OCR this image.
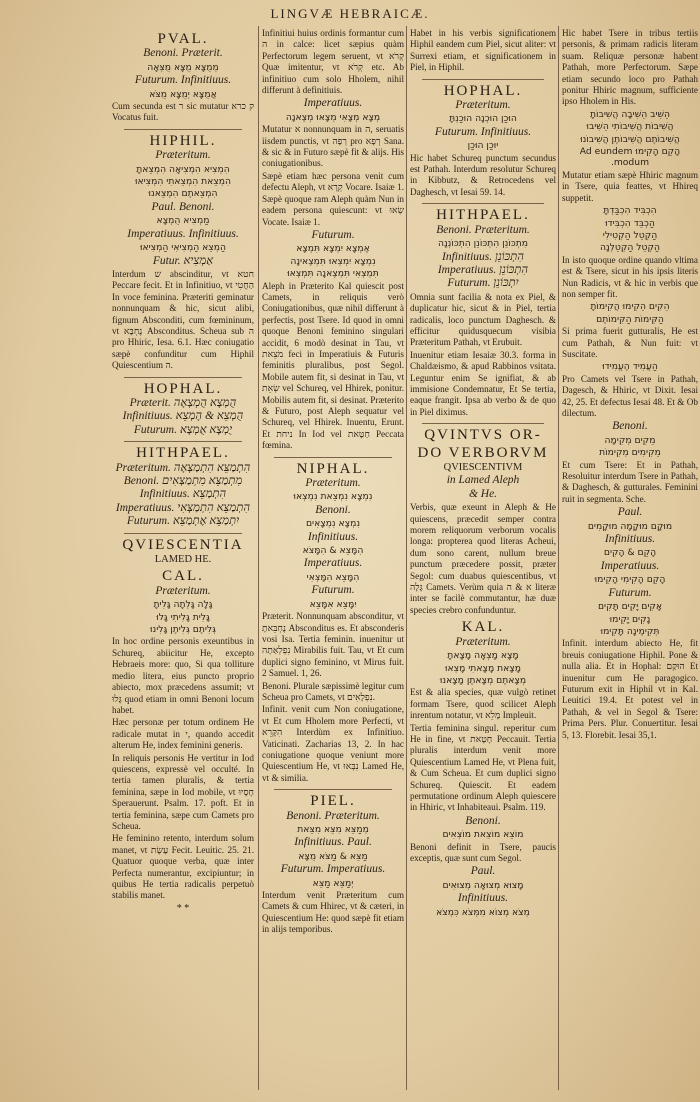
LINGVÆ HEBRAICÆ.
PVAL.
Benoni. Præterit.
מְמֻצָּא מֻצָּא מֻצְּאָה
Futurum. Infinitiuus.
אֲמֻצָּא יְמֻצָּא מֻצֹּא

Cum secunda est ר sic mutatur ק כרא Vocatus fuit.

HIPHIL.
Præteritum.
הִמְצִיא הִמְצִיאָה הִמְצֵאתָ
הִמְצֵאת הִמְצֵאתִי הִמְצִיאוּ
הִמְצֵאתֶם הִמְצֵאנוּ
Paul. Benoni.
מַמְצִיא הֻמְצָא
Imperatiuus. Infinitiuus.
הַמְצֵא הַמְצִיאִי הַמְצִיאוּ
Futur. אַמְצִיא

Interdum ש abscinditur, vt חטא Peccare fecit. Et in Infinitiuo, vt הַחֲטִי In voce feminina. Præteriti geminatur nonnunquam & hic, sicut alibi, fignum Absconditi, cum fœmininum, vt נֶחְבָּא Absconditus. Scheua sub ה pro Hhiric, Iesa. 6.1. Hæc coniugatio sæpè confunditur cum Hiphil Quiescentium ה.

HOPHAL.
Præterit. הֻמְצָא הֻמְצְאָה
Infinitiuus. הֻמְצֵא & הָמְצֵא
Futurum. יֻמְצָא אֻמְצָא
HITHPAEL.
Præteritum. הִתְמַצֵּא הִתְמַצְּאָה
Benoni. מִתְמַצֵּא מִתְמַצְּאִים
Infinitiuus. הִתְמַצֵּא
Imperatiuus. הִתְמַצֵּא הִתְמַצְּאִי
Futurum. יִתְמַצֵּא אֶתְמַצֵּא
QVIESCENTIA
LAMED HE.
CAL.
Præteritum.
גָּלָה גָּלְתָה גָּלִיתָ
גָּלִית גָּלִיתִי גָּלוּ
גְּלִיתֶם גְּלִיתֶן גָּלִינוּ

In hoc ordine personis exeuntibus in Schureq, abiicitur He, excepto Hebraeis more: quo, Si qua tolliture medio litera, eius puncto proprio abiecto, mox præcedens assumit; vt גָּלוּ quod etiam in omni Benoni locum habet.

Hæc personæ per totum ordinem He radicale mutat in י, quando accedit alterum He, index feminini generis.

In reliquis personis He vertitur in Iod quiescens, expressè vel occulté. In tertia tamen pluralis, & tertia feminina, sæpe in Iod mobile, vt חָסָיוּ Sperauerunt. Psalm. 17. poft. Et in tertia feminina, sæpe cum Camets pro Scheua.

He feminino retento, interdum solum manet, vt עָשָׂת Fecit. Leuitic. 25. 21. Quatuor quoque verba, quæ inter Perfecta numerantur, excipiuntur; in quibus He tertia radicalis perpetuò stabilis manet.

* *

Infinitiui huius ordinis formantur cum ה in calce: licet sæpius quàm Perfectorum legem seruent, vt קְרֹא Quæ imitentur, vt קְרֹא etc. Ab infinitiuo cum solo Hholem, nihil differunt à definitiuis.

Imperatiuus.
מְצָא מְצָאִי מְצָאוּ מְצֶאנָה

Mutatur א nonnunquam in ה, seruatis iisdem punctis, vt רְפָה pro רְפָא Sana. & sic & in Futuro sæpè fit & alijs. His coniugationibus.

Sæpè etiam hæc persona venit cum defectu Aleph, vt קְרָא Vocare. Isaiæ 1. Sæpè quoque ram Aleph quàm Nun in eadem persona quiescunt: vt שְׂאוּ Vocate. Isaiæ 1.

Futurum.
אֶמְצָא יִמְצָא תִּמְצָא
נִמְצָא יִמְצְאוּ תִּמְצֶאינָה
תִּמְצְאִי תִּמְצֶאנָה תִּמְצְאוּ

Aleph in Præterito Kal quiescit post Camets, in reliquis verò Coniugationibus, quæ nihil differunt à perfectis, post Tsere. Id quod in omni quoque Benoni feminino singulari accidit, 6 modò desinat in Tau, vt מֹצֵאת feci in Imperatiuis & Futuris feminitis pluralibus, post Segol. Mobile autem fit, si desinat in Tau, vt שְׂאֵת vel Schureq, vel Hhirek, ponitur. Mobilis autem fit, si desinat. Præterito & Futuro, post Aleph sequatur vel Schureq, vel Hhirek. Inuentu, Erunt. Et ניחת In Iod vel חַטָּאת Peccata fœmina.

NIPHAL.
Præteritum.
נִמְצָא נִמְצֵאת נִמְצְאוּ
Benoni.
נִמְצָא נִמְצָאִים
Infinitiuus.
הִמָּצֵא & הִמָּצֹא
Imperatiuus.
הִמָּצֵא הִמָּצְאִי
Futurum.
יִמָּצֵא אִמָּצֵא

Præterit. Nonnunquam absconditur, vt נֶחְבֵּאתָ Absconditus es. Et absconderis vosi Isa. Tertia feminin. inuenitur ut נִפְלְאַתָה Mirabilis fuit. Tau, vt Et cum duplici signo feminino, vt Mirus fuit. 2 Samuel. 1, 26.

Benoni. Plurale sæpissimè legitur cum Scheua pro Camets, vt נִפְלָאִים.

Infinit. venit cum Non coniugatione, vt Et cum Hholem more Perfecti, vt הִקָּרֵא Interdùm ex Infinitiuo. Vaticinati. Zacharias 13, 2. In hac coniugatione quoque veniunt more Quiescentium He, vt נִבְּאוּ Lamed He, vt & similia.

PIEL.
Benoni. Præteritum.
מְמַצֵּא מִצֵּא מִצֵּאת
Infinitiuus. Paul.
מַצֵּא & מַצֹּא מֻצָּא
Futurum. Imperatiuus.
יְמַצֵּא מַצֵּא

Interdum venit Præteritum cum Camets & cum Hhirec, vt & cæteri, in Quiescentium He: quod sæpè fit etiam in alijs temporibus.

Habet in his verbis significationem Hiphil eandem cum Piel, sicut aliter: vt Surrexi etiam, et significationem in Piel, in Hiphil.

HOPHAL.
Præteritum.
הוּכַן הוּכְנָה הוּכַנְתָּ
Futurum. Infinitiuus.
יוּכַן הוּכַן

Hic habet Schureq punctum secundus est Pathah. Interdum resolutur Schureq in Kibbutz, & Retrocedens vel Daghesch, vt Iesai 59. 14.

HITHPAEL.
Benoni. Præteritum.
מִתְכּוֹנֵן הִתְכּוֹנֵן הִתְכּוֹנְנָה
Infinitiuus. הִתְכּוֹנֵן
Imperatiuus. הִתְכּוֹנֵן
Futurum. יִתְכּוֹנֵן

Omnia sunt facilia & nota ex Piel, & duplicatur hic, sicut & in Piel, tertia radicalis, loco punctum Daghesch. & efficitur quidusquecum visibia Præteritum Pathah, vt Erubuit.

Inuenitur etiam Iesaiæ 30.3. forma in Chaldæismo, & apud Rabbinos vsitata. Leguntur enim Se ignifiat, & ab immisione Condemnatur, Et Se tertia, eaque frangit. Ipsa ab verbo & de quo in Piel diximus.

QVINTVS OR-
DO VERBORVM
QVIESCENTIVM
in Lamed Aleph
& He.

Verbis, quæ exeunt in Aleph & He quiescens, præcedit semper contra morem reliquorum verborum vocalis longa: propterea quod literas Acheui, dum sono carent, nullum breue punctum præcedere possit, præter Segol: cum duabus quiescentibus, vt גָּלָה Camets. Verùm quia א & ה literæ inter se facilè commutantur, hæ duæ species crebro confunduntur.

KAL.
Præteritum.
מָצָא מָצְאָה מָצָאתָ
מָצָאת מָצָאתִי מָצְאוּ
מְצָאתֶם מְצָאתֶן מָצָאנוּ

Est & alia species, quæ vulgò retinet formam Tsere, quod scilicet Aleph inrentum notatur, vt מָלֵא Impleuit.

Tertia feminina singul. reperitur cum He in fine, vt חָטָאת Peccauit. Tertia pluralis interdum venit more Quiescentium Lamed He, vt Plena fuit, & Cum Scheua. Et cum duplici signo Schureq. Quiescit. Et eadem permutatione ordinum Aleph quiescere in Hhiric, vt Inhabiteaui. Psalm. 119.

Benoni.
מוֹצֵא מוֹצֵאת מוֹצְאִים

Benoni definit in Tsere, paucis exceptis, quæ sunt cum Segol.

Paul.
מָצוּא מְצוּאָה מְצוּאִים
Infinitiuus.
מְצֹא מְצוֹא מִמְּצֹא כִּמְצֹא

Hic habet Tsere in tribus tertiis personis, & primam radicis literam suam. Reliquæ personæ habent Pathah, more Perfectorum. Sæpe etiam secundo loco pro Pathah ponitur Hhiric magnum, sufficiente ipso Hholem in His.

הֵשִׁיב הֵשִׁיבָה הֲשִׁיבוֹתָ
הֲשִׁיבוֹת הֲשִׁיבוֹתִי הֵשִׁיבוּ
הֲשִׁיבוֹתֶם הֲשִׁיבוֹתֶן הֲשִׁיבוֹנוּ
הָקֵם הָקִימוּ Ad eundem modum.

Mutatur etiam sæpè Hhiric magnum in Tsere, quia feattes, vt Hhireq suppetit.

הִכְבִּיד הִכְבַּדְתָּ
הַכְבֵּד הִכְבִּידוּ
הַקְטֵל הַקְטִילִי
הַקְטֵל הַקְטֵלְנָה

In isto quoque ordine quando vltima est & Tsere, sicut in his ipsis literis Nun Radicis, vt & hic in verbis que non semper fit.

הֵקִים הֵקִימוּ הֲקִימוֹתָ
הַקִּימוֹת הַקִּימוֹתֶם

Si prima fuerit gutturalis, He est cum Pathah, & Nun fuit: vt Suscitate.

הַעֲמִיד הֶעֱמִידוּ

Pro Camets vel Tsere in Pathah, Dagesch, & Hhiric, vt Dixit. Iesai 42, 25. Et defectus Iesai 48. Et & Ob dilectum.

Benoni.
מֵקִים מְקִימָה
מֵקִימִים מְקִימוֹת

Et cum Tsere: Et in Pathah, Resoluitur interdum Tsere in Pathah, & Daghesch, & gutturales. Feminini ruit in segmenta. Sche.

Paul.
מוּקָם מוּקָמָה מוּקָמִים
Infinitiuus.
הָקֵם & הָקִים
Imperatiuus.
הָקֵם הָקִימִי הָקִימוּ
Futurum.
אָקִים יָקִים תָּקִים
נָקִים יָקִימוּ
תְּקִימֶינָה תָּקִימוּ

Infinit. interdum abiecto He, fit breuis coniugatione Hiphil. Pone & nulla alia. Et in Hophal: הוּקַם Et inuenitur cum He paragogico. Futurum exit in Hiphil vt in Kal. Leuitici 19.4. Et potest vel in Pathah, & vel in Segol & Tsere: Prima Pers. Plur. Conuertitur. Iesai 5, 13. Florebit. Iesai 35,1.
